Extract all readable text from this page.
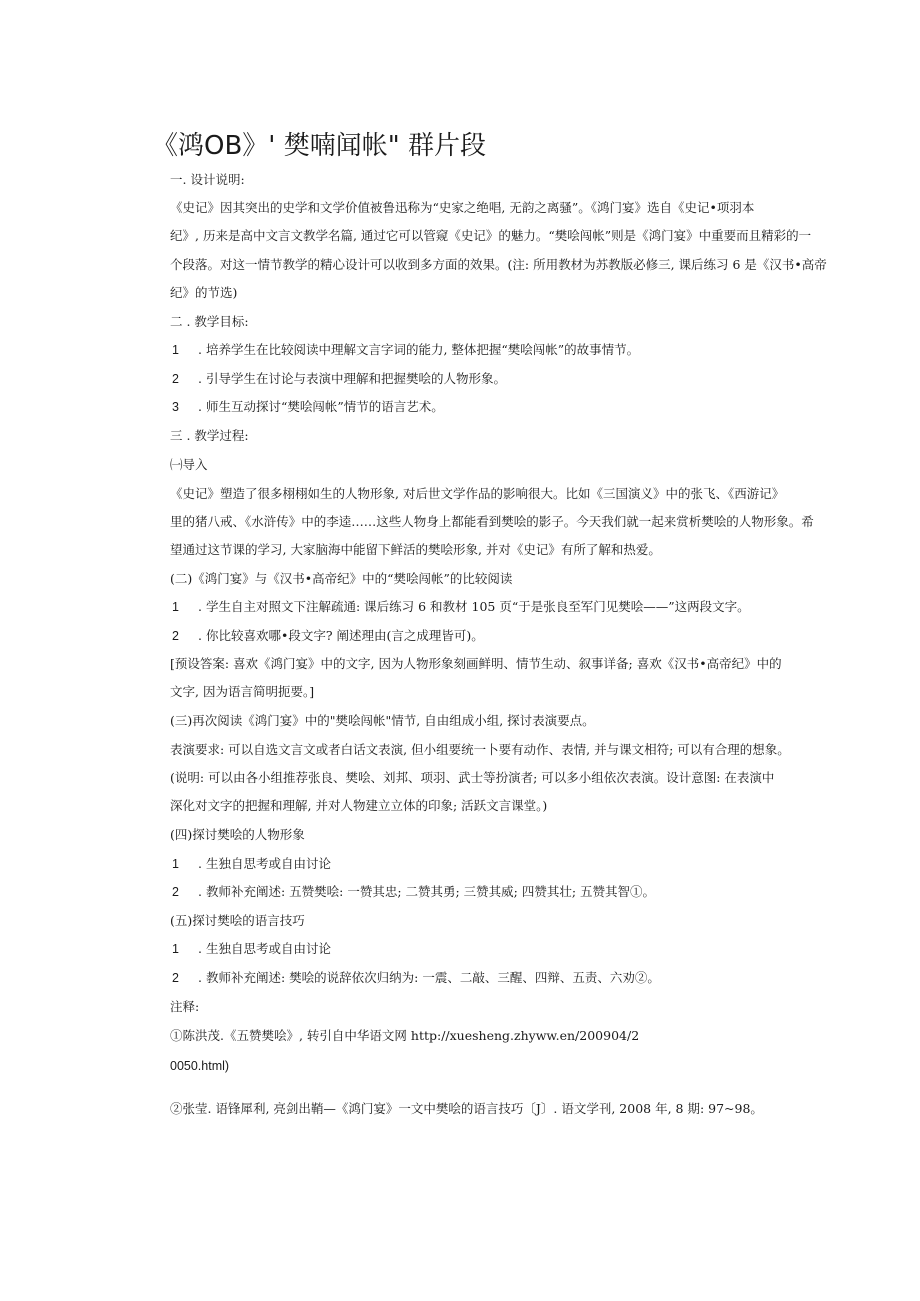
《鸿OB》' 樊喃闻帐" 群片段
一. 设计说明:
《史记》因其突出的史学和文学价值被鲁迅称为“史家之绝唱, 无韵之离骚”。《鸿门宴》选自《史记•项羽本
纪》, 历来是高中文言文教学名篇, 通过它可以管窥《史记》的魅力。“樊哙闯帐”则是《鸿门宴》中重要而且精彩的一
个段落。对这一情节教学的精心设计可以收到多方面的效果。(注: 所用教材为苏教版必修三, 课后练习 6 是《汉书•高帝
纪》的节选)
二 . 教学目标:
1 . 培养学生在比较阅读中理解文言字词的能力, 整体把握“樊哙闯帐”的故事情节。
2 . 引导学生在讨论与表演中理解和把握樊哙的人物形象。
3 . 师生互动探讨“樊哙闯帐”情节的语言艺术。
三 . 教学过程:
㈠导入
《史记》塑造了很多栩栩如生的人物形象, 对后世文学作品的影响很大。比如《三国演义》中的张飞、《西游记》
里的猪八戒、《水浒传》中的李逵……这些人物身上都能看到樊哙的影子。今天我们就一起来赏析樊哙的人物形象。希
望通过这节课的学习, 大家脑海中能留下鲜活的樊哙形象, 并对《史记》有所了解和热爱。
(二)《鸿门宴》与《汉书•高帝纪》中的“樊哙闯帐”的比较阅读
1 . 学生自主对照文下注解疏通: 课后练习 6 和教材 105 页“于是张良至军门见樊哙——”这两段文字。
2 . 你比较喜欢哪•段文字? 阐述理由(言之成理皆可)。
[预设答案: 喜欢《鸿门宴》中的文字, 因为人物形象刻画鲜明、情节生动、叙事详备; 喜欢《汉书•高帝纪》中的
文字, 因为语言简明扼要。]
(三)再次阅读《鸿门宴》中的"樊哙闯帐"情节, 自由组成小组, 探讨表演要点。
表演要求: 可以自选文言文或者白话文表演, 但小组要统一卜要有动作、表情, 并与课文相符; 可以有合理的想象。
(说明: 可以由各小组推荐张良、樊哙、刘邦、项羽、武士等扮演者; 可以多小组依次表演。设计意图: 在表演中
深化对文字的把握和理解, 并对人物建立立体的印象; 活跃文言课堂。)
(四)探讨樊哙的人物形象
1 . 生独自思考或自由讨论
2 . 教师补充阐述: 五赞樊哙: 一赞其忠; 二赞其勇; 三赞其威; 四赞其壮; 五赞其智①。
(五)探讨樊哙的语言技巧
1 . 生独自思考或自由讨论
2 . 教师补充阐述: 樊哙的说辞依次归纳为: 一震、二敲、三醒、四辩、五责、六劝②。
注释:
①陈洪茂.《五赞樊哙》, 转引自中华语文网 http://xuesheng.zhyww.en/200904/2
0050.html)
②张莹. 语锋犀利, 亮剑出鞘—《鸿门宴》一文中樊哙的语言技巧〔J〕. 语文学刊, 2008 年, 8 期: 97~98。
